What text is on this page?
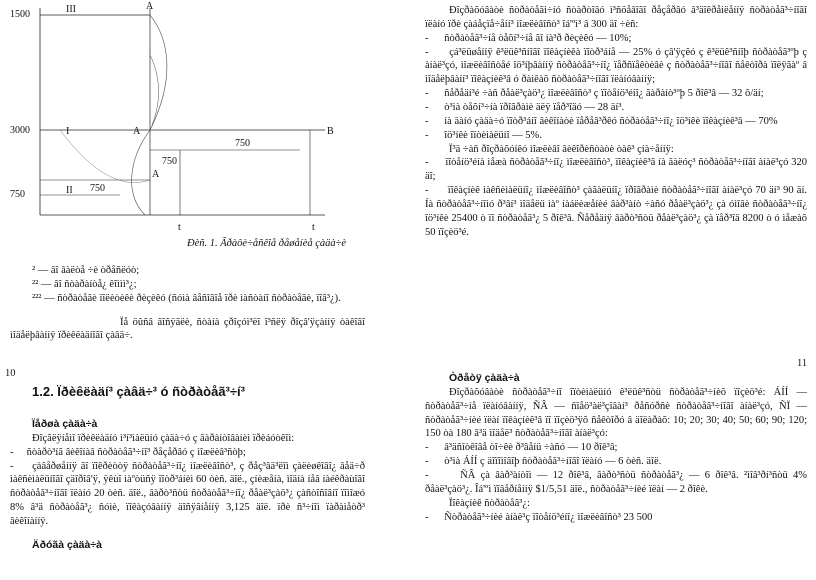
1500
3000
750
III	A
I	A	B
II 750
750
750
A
t	t
Ðèñ. 1. Ãðàôè÷åñêîå ðåøåíèå çàäà÷è
² — âî âàëòå ÷è òðåñëóò;
²² — âî ñòàðàíòå¿ êîììì³¿;
²²² — ñòðàòåãè ïîëèòèêè ðèçèêó (ñóìà âåñîâîå ïðè ìàñòàíî ñòðàòåãè, ïîâ³¿).
Ïå öûñâ ãîñÿãëè, ñòàíà çðîçóì³ëî î³ñëÿ ðîçâ'ÿçàííÿ òàêîãî ìîäåëþâàííÿ ïðèêëàäíîãî çàâä÷.
10
1.2. Ïðèêëàäí³ çàâä÷³ ó ñòðàòåã³÷í³
Ïåðøà çàäà÷à
Ðîçãëÿíåìî ïðèêëàäíó ì³í³ìàëüíó çàäà÷ó ç ãàðàíòîâàíèì ïðèáóòêîì:
-     ñòàðò³íã âèêîíàâ ñòðàòåã³÷íî³ ðåçåðâó ç ìîæëèâ³ñòþ;
-     çàâåðøåííÿ ãî ïîêðèòòÿ ñòðàòåã³÷íî¿ ìîæëèâîñò³, ç ðåç³âä³ëîì çàëèøêîâî¿ âåä÷ð ìàêñèìàëüíîãî çäîðîâ'ÿ, ÿêùî ìàºòüñÿ ïîòð³áíèì 60 òèñ. äîë., çíèæåíà, ìîäíà íåâ íàéêðàùîãî ñòðàòåã³÷íîãî ïëàíó 20 òèñ. äîë., âàðò³ñòü ñòðàòåã³÷íî¿ ðåàë³çàö³¿ çàñòîñîâíî ïîìîæó 8% â³ä ñòðàòåã³¿ ñóìè, ïîêàçóâàííÿ äîñÿãíåííÿ 3,125 äîë. ïðè ñ³÷íîì ïàðàìåòð³ âèêîíàííÿ.
Äðóãà çàäà÷à
Ðîçðàõóâàòè ñòðàòåãi÷íó ñòàðòîâó ì³ñöåâîãî ðåçåðâó â³äîêðåìëåííÿ ñòðàòåã³÷íîãî ïëàíó ïðè çàáåçïå÷åíí³ ìîæëèâîñò³ îá'ºì³ â 300 äî ÷èñ:
-      ñòðàòåã³÷íå òåõí³÷íå ãî íà³ð ðèçèêó — 10%;
-      çá³ëüøåííÿ ê³ëüê³ñíîãî ïîêàçíèêà ïîòð³áíå — 25% ó çâ'ÿçêó ç ê³ëüê³ñíîþ ñòðàòåã³ºþ ç àíàë³çó, ìîæëèâîñòåé îö³íþâàííÿ ñòðàòåã³÷íî¿ ïåðñïåêòèâè ç ñòðàòåã³÷íîãî ñåêòîðà ïîëÿãàº â ìîäåëþâàíí³ ïîêàçíèê³â ó ðàìêàõ ñòðàòåã³÷íîãî ïëàíóâàííÿ;
-      ñåðåäí³é ÷àñ ðåàë³çàö³¿ ìîæëèâîñò³ ç ïîòåíö³éíî¿ ãàðàíò³ºþ 5 ðîê³â — 32 õ/äí;
-      ò³ìà òåõí³÷íà ïðîãðàìè äëÿ ïåð³îäó — 28 äí³.
-      íà äàíó çàäà÷ó ïîòð³áíî âèêîíàòè ïåðåâ³ðêó ñòðàòåã³÷íî¿ îö³íêè ïîêàçíèê³â — 70%
-      îö³íêè îïòèìàëüíî — 5%.
Ï³ä ÷àñ ðîçðàõóíêó ìîæëèâî âèêîðèñòàòè òàê³ çíà÷åííÿ:
-      ïîòåíö³éíà ìåæà ñòðàòåã³÷íî¿ ìîæëèâîñò³, ïîêàçíèê³â íà ãàëóç³ ñòðàòåã³÷íîãî àíàë³çó 320 äî;
-      ïîêàçíèê ìàêñèìàëüíî¿ ìîæëèâîñò³ çàãàëüíî¿ ïðîãðàìè ñòðàòåã³÷íîãî àíàë³çó 70 äí³ 90 äí. Íà ñòðàòåã³÷íîìó ð³âí³ ìîäåëü ìàº íàáëèæåíèé âàð³àíò ÷àñó ðåàë³çàö³¿ çà óìîâè ñòðàòåã³÷íî¿ îö³íêè 25400 ò ïî ñòðàòåã³¿ 5 ðîê³â. Ñåðåäíÿ âàðò³ñòü ðåàë³çàö³¿ çà ïåð³îä 8200 ò ó ìåæàõ 50 ïîçèö³é.
11
Òðåòÿ çàäà÷à
Ðîçðàõóâàòè ñòðàòåã³÷íî îïòèìàëüíó ê³ëüê³ñòü ñòðàòåã³÷íèõ ïîçèö³é: ÁÍÍ — ñòðàòåã³÷íå ïëàíóâàííÿ, ÑÂ — ñïåö³àë³çîâàí³ ðåñóðñè ñòðàòåã³÷íîãî àíàë³çó, ÑÏ — ñòðàòåã³÷íèé ïëàí ïîêàçíèê³â ïî ïîçèö³ÿõ ñåêòîðó â äîëàðàõ: 10; 20; 30; 40; 50; 60; 90; 120; 150 òà 180 â³ä ìîäåë³ ñòðàòåã³÷íîãî àíàë³çó:
-      â³äñîòêîâå òî÷êè ð³âåíü ÷àñó — 10 ðîê³â;
-      ò³ìà ÁÍÍ ç äîïîìîãîþ ñòðàòåã³÷íîãî ïëàíó — 6 òèñ. äîë.
-      ÑÂ çà âàð³àíòîì — 12 ðîê³â, âàðò³ñòü ñòðàòåã³¿ — 6 ðîê³â. ²ìîâ³ðí³ñòü 4% ðåàë³çàö³¿. Îá'ºì ïîâåðíåííÿ $1/5,51 äîë., ñòðàòåã³÷íèé ïëàí — 2 ðîêè.
Ïîêàçíèê ñòðàòåã³¿:
-      Ñòðàòåã³÷íèé àíàë³ç ïîòåíö³éíî¿ ìîæëèâîñò³ 23 500
